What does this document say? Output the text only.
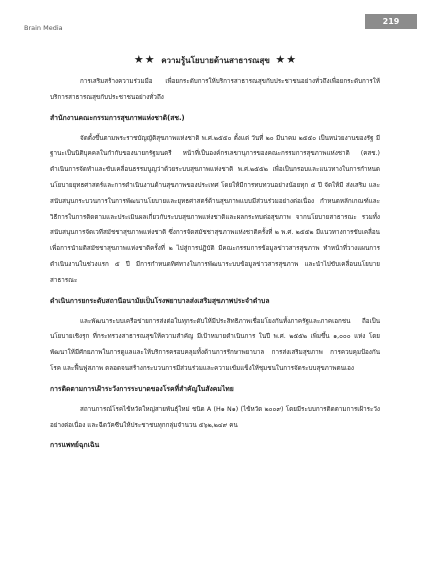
Brain Media
219
★★ ความรู้นโยบายด้านสาธารณสุข ★★

การเสริมสร้างความร่วมมือ เพื่อยกระดับการให้บริการสาธารณสุขกับประชาชนอย่างทั่วถึงเพื่อยกระดับการให้บริการสาธารณสุขกับประชาชนอย่างทั่วถึง

สำนักงานคณะกรรมการสุขภาพแห่งชาติ(สช.)

จัดตั้งขึ้นตามพระราชบัญญัติสุขภาพแห่งชาติ พ.ศ.๒๕๕๐ ตั้งแต่ วันที่ ๒๐ มีนาคม ๒๕๕๐ เป็นหน่วยงานของรัฐ มีฐานะเป็นนิติบุคคลในกำกับของนายกรัฐมนตรี หน้าที่เป็นองค์กรเลขานุการของคณะกรรมการสุขภาพแห่งชาติ (คสช.) ดำเนินการจัดทำและขับเคลื่อนธรรมนูญว่าด้วยระบบสุขภาพแห่งชาติ พ.ศ.๒๕๕๒ เพื่อเป็นกรอบและแนวทางในการกำหนดนโยบายยุทธศาสตร์และการดำเนินงานด้านสุขภาพของประเทศ โดยให้มีการทบทวนอย่างน้อยทุก ๕ ปี จัดให้มี ส่งเสริม และสนับสนุนกระบวนการในการพัฒนานโยบายและยุทธศาสตร์ด้านสุขภาพแบบมีส่วนร่วมอย่างต่อเนื่อง กำหนดหลักเกณฑ์และวิธีการในการติดตามและประเมินผลเกี่ยวกับระบบสุขภาพแห่งชาติและผลกระทบต่อสุขภาพ จากนโยบายสาธารณะ รวมทั้ง สนับสนุนการจัดเวทีสมัชชาสุขภาพแห่งชาติ ซึ่งการจัดสมัชชาสุขภาพแห่งชาติครั้งที่ ๒ พ.ศ. ๒๕๕๒ มีแนวทางการขับเคลื่อนเพื่อการนำมติสมัชชาสุขภาพแห่งชาติครั้งที่ ๒ ไปสู่การปฏิบัติ มีคณะกรรมการข้อมูลข่าวสารสุขภาพ ทำหน้าที่วางแผนการดำเนินงานในช่วงแรก ๕ ปี มีการกำหนดทิศทางในการพัฒนาระบบข้อมูลข่าวสารสุขภาพ และนำไปขับเคลื่อนนโยบายสาธารณะ

ดำเนินการยกระดับสถานีอนามัยเป็นโรงพยาบาลส่งเสริมสุขภาพประจำตำบล

และพัฒนาระบบเครือข่ายการส่งต่อในทุกระดับให้มีประสิทธิภาพเชื่อมโยงกันทั้งภาครัฐและภาคเอกชน ถือเป็นนโยบายเชิงรุก ที่กระทรวงสาธารณสุขให้ความสำคัญ มีเป้าหมายดำเนินการ ในปี พ.ศ. ๒๕๕๒ เพิ่มขึ้น ๑,๐๐๐ แห่ง โดยพัฒนาให้มีศักยภาพในการดูแลและให้บริการครอบคลุมทั้งด้านการรักษาพยาบาล การส่งเสริมสุขภาพ การควบคุมป้องกันโรค และฟื้นฟูสภาพ ตลอดจนสร้างกระบวนการมีส่วนร่วมและความเข้มแข็งให้ชุมชนในการจัดระบบสุขภาพตนเอง

การติดตามการเฝ้าระวังการระบาดของโรคที่สำคัญในสังคมไทย

สถานการณ์โรคไข้หวัดใหญ่สายพันธุ์ใหม่ ชนิด A (H๑ N๑) (ไข้หวัด ๒๐๐๙) โดยมีระบบการติดตามการเฝ้าระวังอย่างต่อเนื่อง และฉีดวัคซีนให้ประชาชนทุกกลุ่มจำนวน ๕๖๒,๒๔๙ คน

การแพทย์ฉุกเฉิน
